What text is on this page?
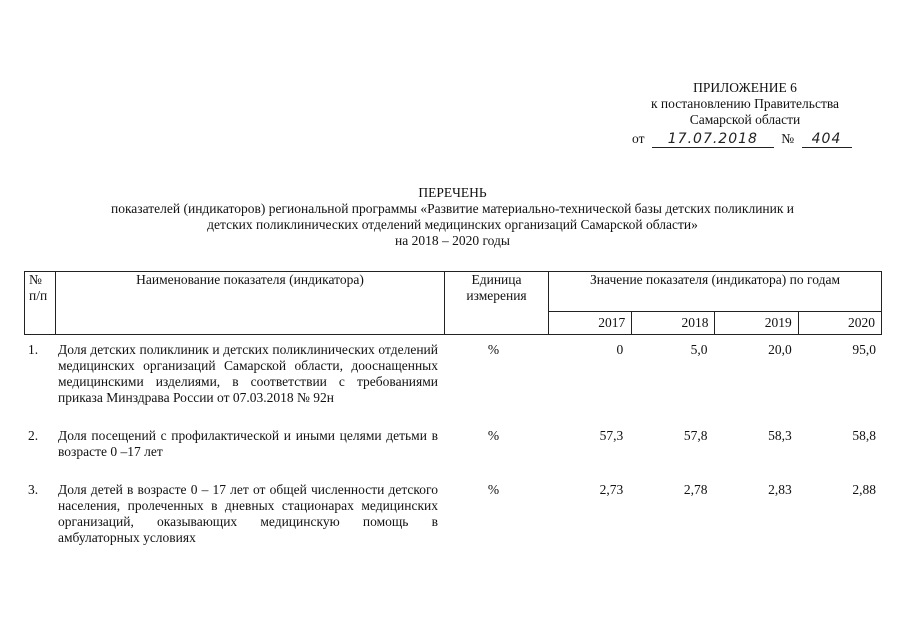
ПРИЛОЖЕНИЕ 6
к постановлению Правительства
Самарской области
от 17.07.2018 № 404
ПЕРЕЧЕНЬ
показателей (индикаторов) региональной программы «Развитие материально-технической базы детских поликлиник и
детских поликлинических отделений медицинских организаций Самарской области»
на 2018 – 2020 годы
№ п/п	Наименование показателя (индикатора)	Единица измерения	Значение показателя (индикатора) по годам			
			2017	2018	2019	2020
1.	Доля детских поликлиник и детских поликлинических отделений медицинских организаций Самарской области, дооснащенных медицинскими изделиями, в соответствии с требованиями приказа Минздрава России от 07.03.2018 № 92н	%	0	5,0	20,0	95,0

2.	Доля посещений с профилактической и иными целями детьми в возрасте 0 –17 лет	%	57,3	57,8	58,3	58,8

3.	Доля детей в возрасте 0 – 17 лет от общей численности детского населения, пролеченных в дневных стационарах медицинских организаций, оказывающих медицинскую помощь в амбулаторных условиях	%	2,73	2,78	2,83	2,88
